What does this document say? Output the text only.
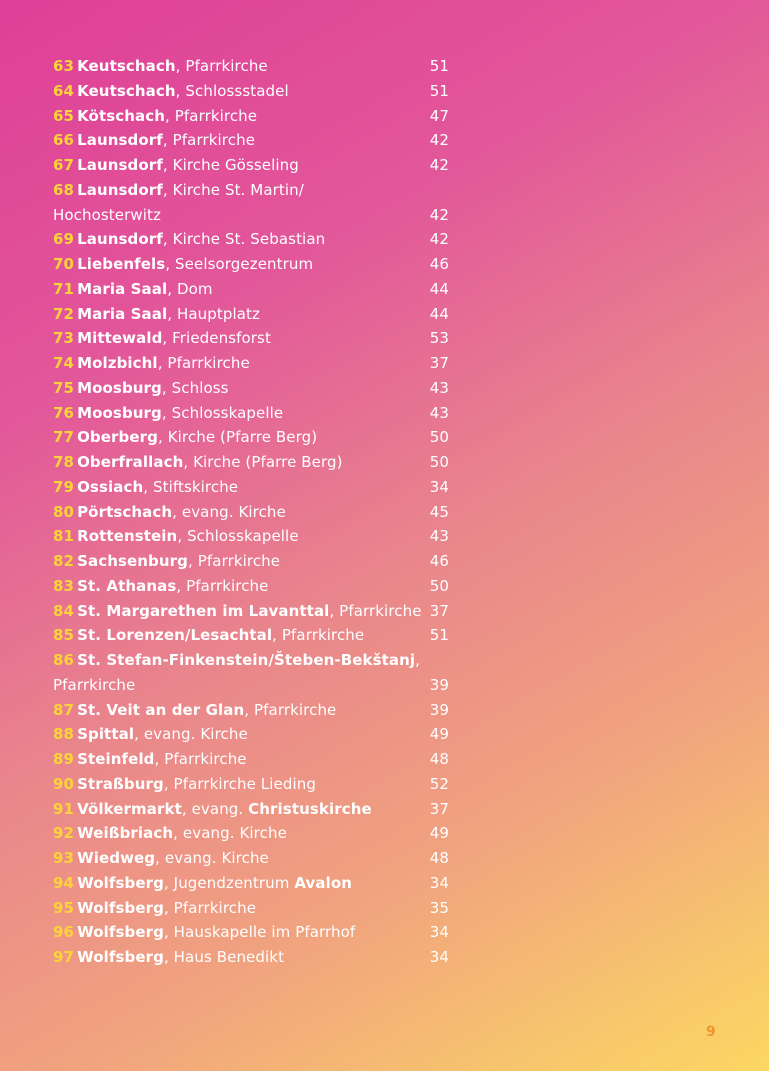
63 Keutschach, Pfarrkirche	51
64 Keutschach, Schlossstadel	51
65 Kötschach, Pfarrkirche	47
66 Launsdorf, Pfarrkirche	42
67 Launsdorf, Kirche Gösseling	42
68 Launsdorf, Kirche St. Martin/
Hochosterwitz	42
69 Launsdorf, Kirche St. Sebastian	42
70 Liebenfels, Seelsorgezentrum	46
71 Maria Saal, Dom	44
72 Maria Saal, Hauptplatz	44
73 Mittewald, Friedensforst	53
74 Molzbichl, Pfarrkirche	37
75 Moosburg, Schloss	43
76 Moosburg, Schlosskapelle	43
77 Oberberg, Kirche (Pfarre Berg)	50
78 Oberfrallach, Kirche (Pfarre Berg)	50
79 Ossiach, Stiftskirche	34
80 Pörtschach, evang. Kirche	45
81 Rottenstein, Schlosskapelle	43
82 Sachsenburg, Pfarrkirche	46
83 St. Athanas, Pfarrkirche	50
84 St. Margarethen im Lavanttal, Pfarrkirche 37
85 St. Lorenzen/Lesachtal, Pfarrkirche	51
86 St. Stefan-Finkenstein/Šteben-Bekštanj,
Pfarrkirche	39
87 St. Veit an der Glan, Pfarrkirche	39
88 Spittal, evang. Kirche	49
89 Steinfeld, Pfarrkirche	48
90 Straßburg, Pfarrkirche Lieding	52
91 Völkermarkt, evang. Christuskirche	37
92 Weißbriach, evang. Kirche	49
93 Wiedweg, evang. Kirche	48
94 Wolfsberg, Jugendzentrum Avalon	34
95 Wolfsberg, Pfarrkirche	35
96 Wolfsberg, Hauskapelle im Pfarrhof	34
97 Wolfsberg, Haus Benedikt	34
9
